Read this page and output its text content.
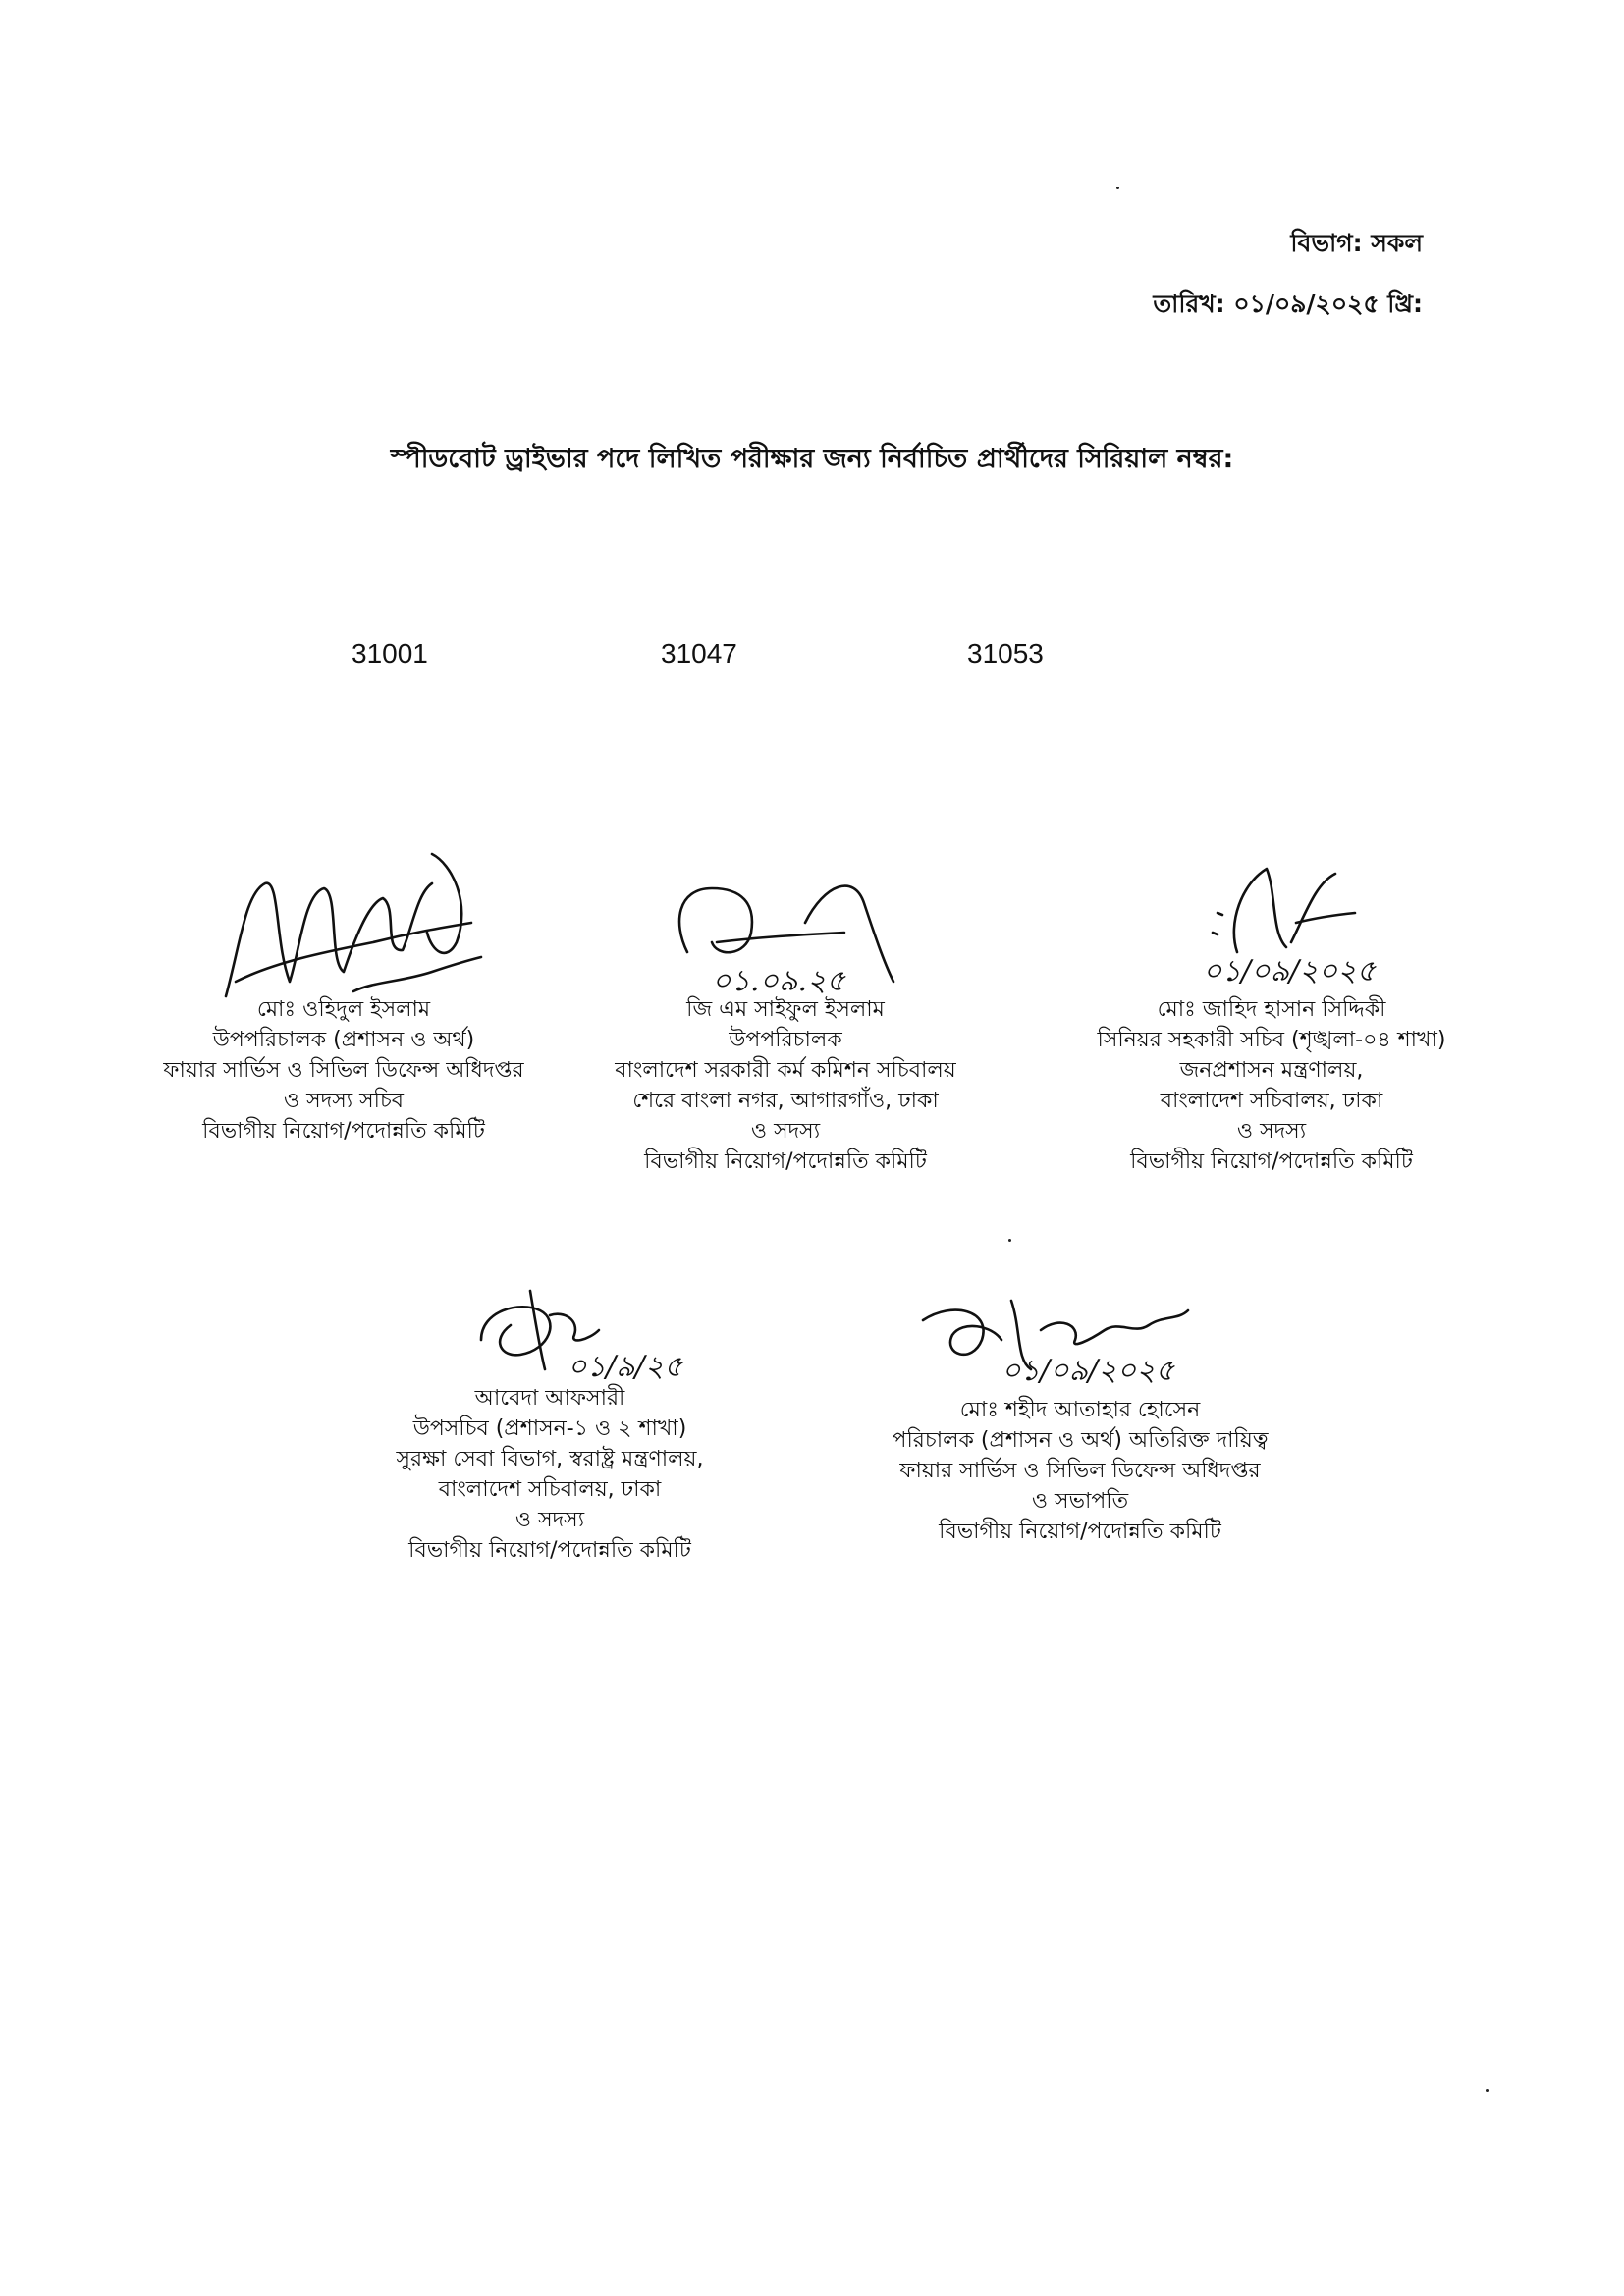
বিভাগ: সকল
তারিখ: ০১/০৯/২০২৫ খ্রি:
স্পীডবোট ড্রাইভার পদে লিখিত পরীক্ষার জন্য নির্বাচিত প্রার্থীদের সিরিয়াল নম্বর:
31001	31047	31053
মোঃ ওহিদুল ইসলাম
উপপরিচালক (প্রশাসন ও অর্থ)
ফায়ার সার্ভিস ও সিভিল ডিফেন্স অধিদপ্তর
ও সদস্য সচিব
বিভাগীয় নিয়োগ/পদোন্নতি কমিটি
০১.০৯.২৫
জি এম সাইফুল ইসলাম
উপপরিচালক
বাংলাদেশ সরকারী কর্ম কমিশন সচিবালয়
শেরে বাংলা নগর, আগারগাঁও, ঢাকা
ও সদস্য
বিভাগীয় নিয়োগ/পদোন্নতি কমিটি
০১/০৯/২০২৫
মোঃ জাহিদ হাসান সিদ্দিকী
সিনিয়র সহকারী সচিব (শৃঙ্খলা-০৪ শাখা)
জনপ্রশাসন মন্ত্রণালয়,
বাংলাদেশ সচিবালয়, ঢাকা
ও সদস্য
বিভাগীয় নিয়োগ/পদোন্নতি কমিটি
০১/৯/২৫
আবেদা আফসারী
উপসচিব (প্রশাসন-১ ও ২ শাখা)
সুরক্ষা সেবা বিভাগ, স্বরাষ্ট্র মন্ত্রণালয়,
বাংলাদেশ সচিবালয়, ঢাকা
ও সদস্য
বিভাগীয় নিয়োগ/পদোন্নতি কমিটি
০১/০৯/২০২৫
মোঃ শহীদ আতাহার হোসেন
পরিচালক (প্রশাসন ও অর্থ) অতিরিক্ত দায়িত্ব
ফায়ার সার্ভিস ও সিভিল ডিফেন্স অধিদপ্তর
ও সভাপতি
বিভাগীয় নিয়োগ/পদোন্নতি কমিটি
